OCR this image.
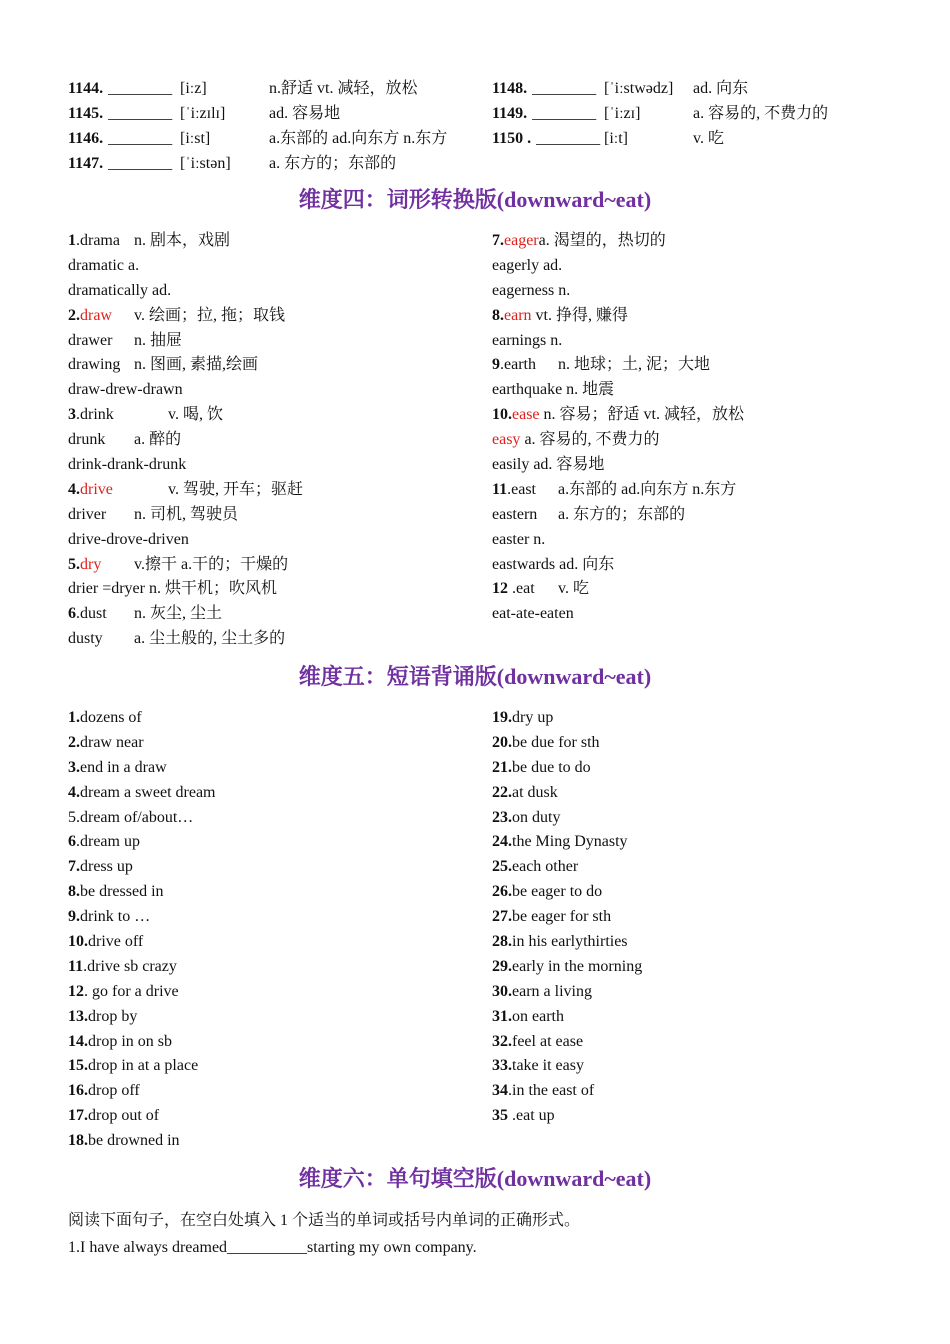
1144. ________ [iːz]	n.舒适 vt. 减轻，放松
1145. ________ [ˈiːzɪlɪ]	ad. 容易地
1146. ________ [iːst]	a.东部的 ad.向东方 n.东方
1147. ________ [ˈiːstən] a. 东方的；东部的
1148. ________ [ˈiːstwədz] ad. 向东
1149. ________ [ˈiːzɪ]	a. 容易的, 不费力的
1150 . ________ [iːt]	v. 吃
维度四：词形转换版(downward~eat)
1.drama n. 剧本，戏剧
dramatic a.
dramatically ad.
2.draw v. 绘画；拉, 拖；取钱
drawer n. 抽屉
drawing n. 图画, 素描,绘画
draw-drew-drawn
3.drink	v. 喝, 饮
drunk a. 醉的
drink-drank-drunk
4.drive	v. 驾驶, 开车；驱赶
driver n. 司机, 驾驶员
drive-drove-driven
5.dry v.擦干 a.干的；干燥的
drier =dryer n. 烘干机；吹风机
6.dust n. 灰尘, 尘土
dusty a. 尘土般的, 尘土多的
7.eagera. 渴望的，热切的
eagerly ad.
eagerness n.
8.earn vt. 挣得, 赚得
earnings n.
9.earth n. 地球；土, 泥；大地
earthquake n. 地震
10.ease n. 容易；舒适 vt. 减轻，放松
easy a. 容易的, 不费力的
easily ad. 容易地
11.east a.东部的 ad.向东方 n.东方
eastern a. 东方的；东部的
easter n.
eastwards ad. 向东
12 .eat v. 吃
eat-ate-eaten
维度五：短语背诵版(downward~eat)
1.dozens of
2.draw near
3.end in a draw
4.dream a sweet dream
5.dream of/about…
6.dream up
7.dress up
8.be dressed in
9.drink to …
10.drive off
11.drive sb crazy
12. go for a drive
13.drop by
14.drop in on sb
15.drop in at a place
16.drop off
17.drop out of
18.be drowned in
19.dry up
20.be due for sth
21.be due to do
22.at dusk
23.on duty
24.the Ming Dynasty
25.each other
26.be eager to do
27.be eager for sth
28.in his earlythirties
29.early in the morning
30.earn a living
31.on earth
32.feel at ease
33.take it easy
34.in the east of
35 .eat up
维度六：单句填空版(downward~eat)
阅读下面句子，在空白处填入 1 个适当的单词或括号内单词的正确形式。
1.I have always dreamed__________starting my own company.
